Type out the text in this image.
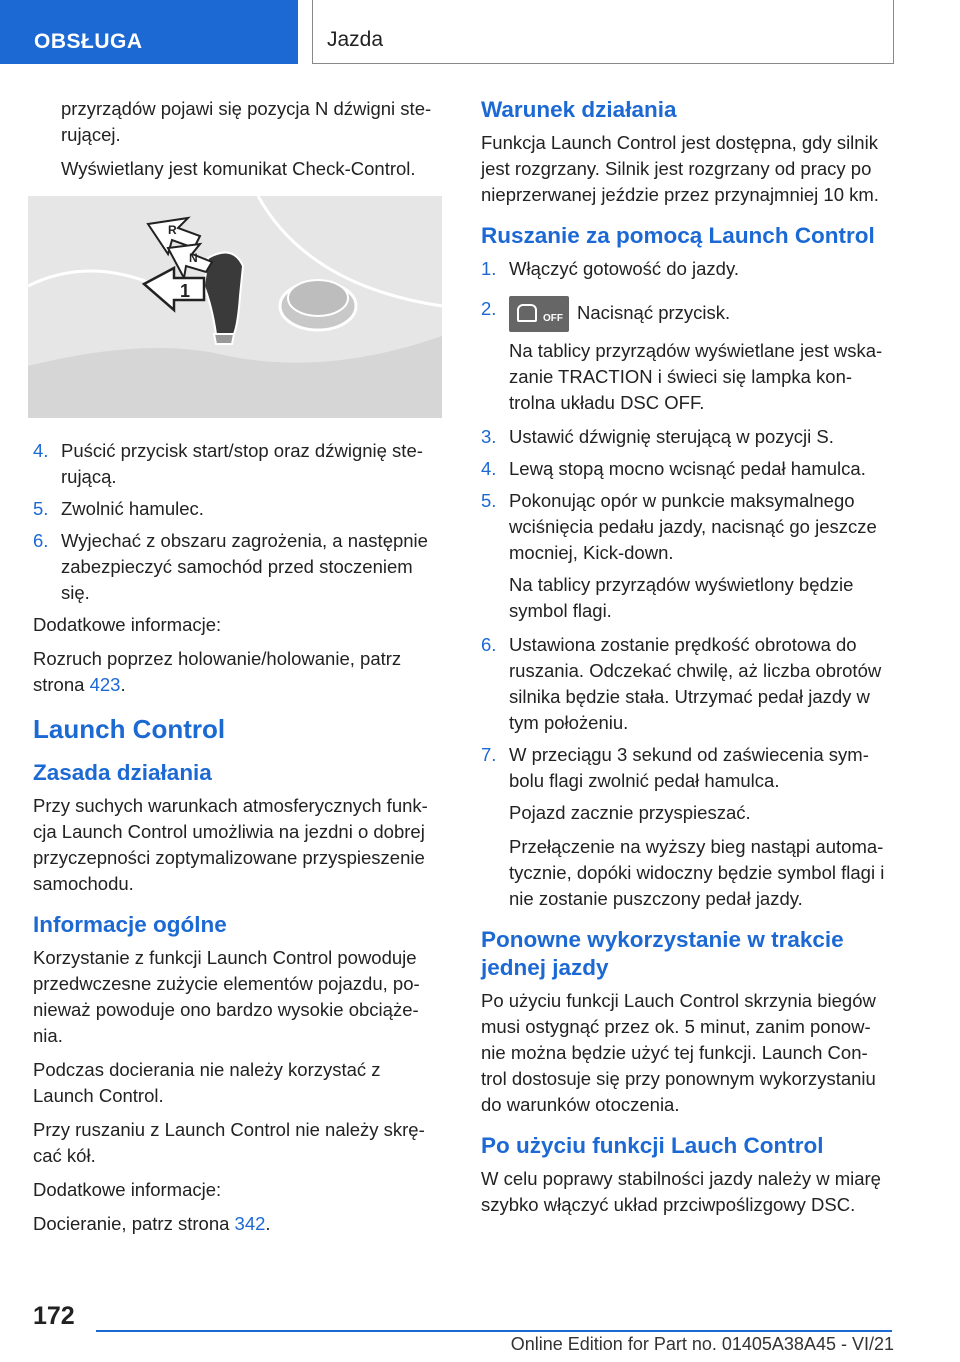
OBSŁUGA	Jazda

przyrządów pojawi się pozycja N dźwigni ste- rującej.

Wyświetlany jest komunikat Check-Control.

R
N
1
4. Puścić przycisk start/stop oraz dźwignię ste- rującą.
5. Zwolnić hamulec.
6. Wyjechać z obszaru zagrożenia, a następnie zabezpieczyć samochód przed stoczeniem się.

Dodatkowe informacje:

Rozruch poprzez holowanie/holowanie, patrz strona 423.

Launch Control
Zasada działania

Przy suchych warunkach atmosferycznych funk- cja Launch Control umożliwia na jezdni o dobrej przyczepności zoptymalizowane przyspieszenie samochodu.

Informacje ogólne

Korzystanie z funkcji Launch Control powoduje przedwczesne zużycie elementów pojazdu, po- nieważ powoduje ono bardzo wysokie obciąże- nia.

Podczas docierania nie należy korzystać z Launch Control.

Przy ruszaniu z Launch Control nie należy skrę- cać kół.

Dodatkowe informacje:

Docieranie, patrz strona 342.

Warunek działania

Funkcja Launch Control jest dostępna, gdy silnik jest rozgrzany. Silnik jest rozgrzany od pracy po nieprzerwanej jeździe przez przynajmniej 10 km.

Ruszanie za pomocą Launch Control
1. Włączyć gotowość do jazdy.
2.	OFF Nacisnąć przycisk.

Na tablicy przyrządów wyświetlane jest wska- zanie TRACTION i świeci się lampka kon- trolna układu DSC OFF.

3. Ustawić dźwignię sterującą w pozycji S.
4. Lewą stopą mocno wcisnąć pedał hamulca.
5. Pokonując opór w punkcie maksymalnego wciśnięcia pedału jazdy, nacisnąć go jeszcze mocniej, Kick-down.

Na tablicy przyrządów wyświetlony będzie symbol flagi.

6. Ustawiona zostanie prędkość obrotowa do ruszania. Odczekać chwilę, aż liczba obrotów silnika będzie stała. Utrzymać pedał jazdy w tym położeniu.
7. W przeciągu 3 sekund od zaświecenia sym- bolu flagi zwolnić pedał hamulca.

Pojazd zacznie przyspieszać.

Przełączenie na wyższy bieg nastąpi automa- tycznie, dopóki widoczny będzie symbol flagi i nie zostanie puszczony pedał jazdy.

Ponowne wykorzystanie w trakcie jednej jazdy

Po użyciu funkcji Lauch Control skrzynia biegów musi ostygnąć przez ok. 5 minut, zanim ponow- nie można będzie użyć tej funkcji. Launch Con- trol dostosuje się przy ponownym wykorzystaniu do warunków otoczenia.

Po użyciu funkcji Lauch Control

W celu poprawy stabilności jazdy należy w miarę szybko włączyć układ przciwpoślizgowy DSC.

172
Online Edition for Part no. 01405A38A45 - VI/21
